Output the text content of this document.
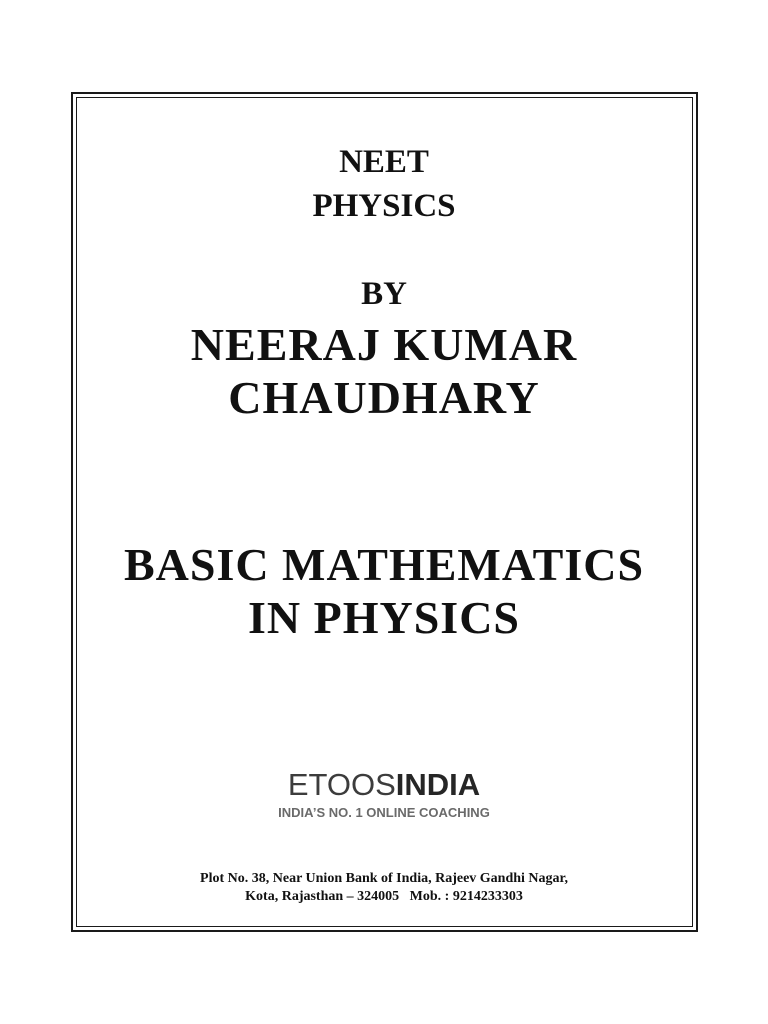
NEET
PHYSICS
BY
NEERAJ KUMAR
CHAUDHARY
BASIC MATHEMATICS
IN PHYSICS
ETOOSINDIA
INDIA’S NO. 1 ONLINE COACHING
Plot No. 38, Near Union Bank of India, Rajeev Gandhi Nagar,
Kota, Rajasthan – 324005   Mob. : 9214233303
